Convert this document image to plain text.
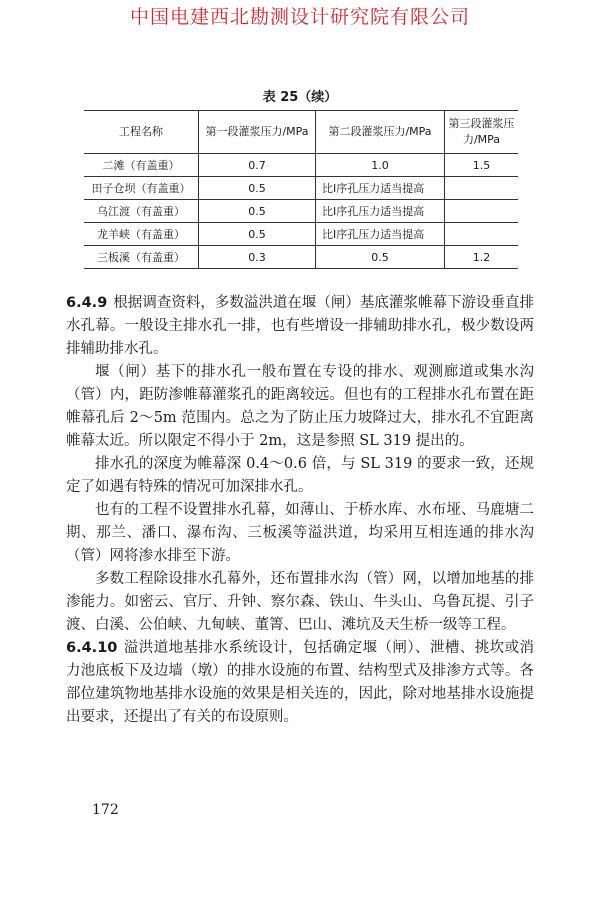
中国电建西北勘测设计研究院有限公司
表 25（续）
工程名称	第一段灌浆压力/MPa	第二段灌浆压力/MPa	第三段灌浆压力/MPa
二滩（有盖重）	0.7	1.0	1.5
田子仓坝（有盖重）	0.5	比Ⅰ序孔压力适当提高	
乌江渡（有盖重）	0.5	比Ⅰ序孔压力适当提高	
龙羊峡（有盖重）	0.5	比Ⅰ序孔压力适当提高	
三板溪（有盖重）	0.3	0.5	1.2

6.4.9 根据调查资料，多数溢洪道在堰（闸）基底灌浆帷幕下游设垂直排水孔幕。一般设主排水孔一排，也有些增设一排辅助排水孔，极少数设两排辅助排水孔。

堰（闸）基下的排水孔一般布置在专设的排水、观测廊道或集水沟（管）内，距防渗帷幕灌浆孔的距离较远。但也有的工程排水孔布置在距帷幕孔后 2～5m 范围内。总之为了防止压力坡降过大，排水孔不宜距离帷幕太近。所以限定不得小于 2m，这是参照 SL 319 提出的。

排水孔的深度为帷幕深 0.4～0.6 倍，与 SL 319 的要求一致，还规定了如遇有特殊的情况可加深排水孔。

也有的工程不设置排水孔幕，如薄山、于桥水库、水布垭、马鹿塘二期、那兰、潘口、瀑布沟、三板溪等溢洪道，均采用互相连通的排水沟（管）网将渗水排至下游。

多数工程除设排水孔幕外，还布置排水沟（管）网，以增加地基的排渗能力。如密云、官厅、升钟、察尔森、铁山、牛头山、乌鲁瓦提、引子渡、白溪、公伯峡、九甸峡、董箐、巴山、滩坑及天生桥一级等工程。

6.4.10 溢洪道地基排水系统设计，包括确定堰（闸）、泄槽、挑坎或消力池底板下及边墙（墩）的排水设施的布置、结构型式及排渗方式等。各部位建筑物地基排水设施的效果是相关连的，因此，除对地基排水设施提出要求，还提出了有关的布设原则。

172
